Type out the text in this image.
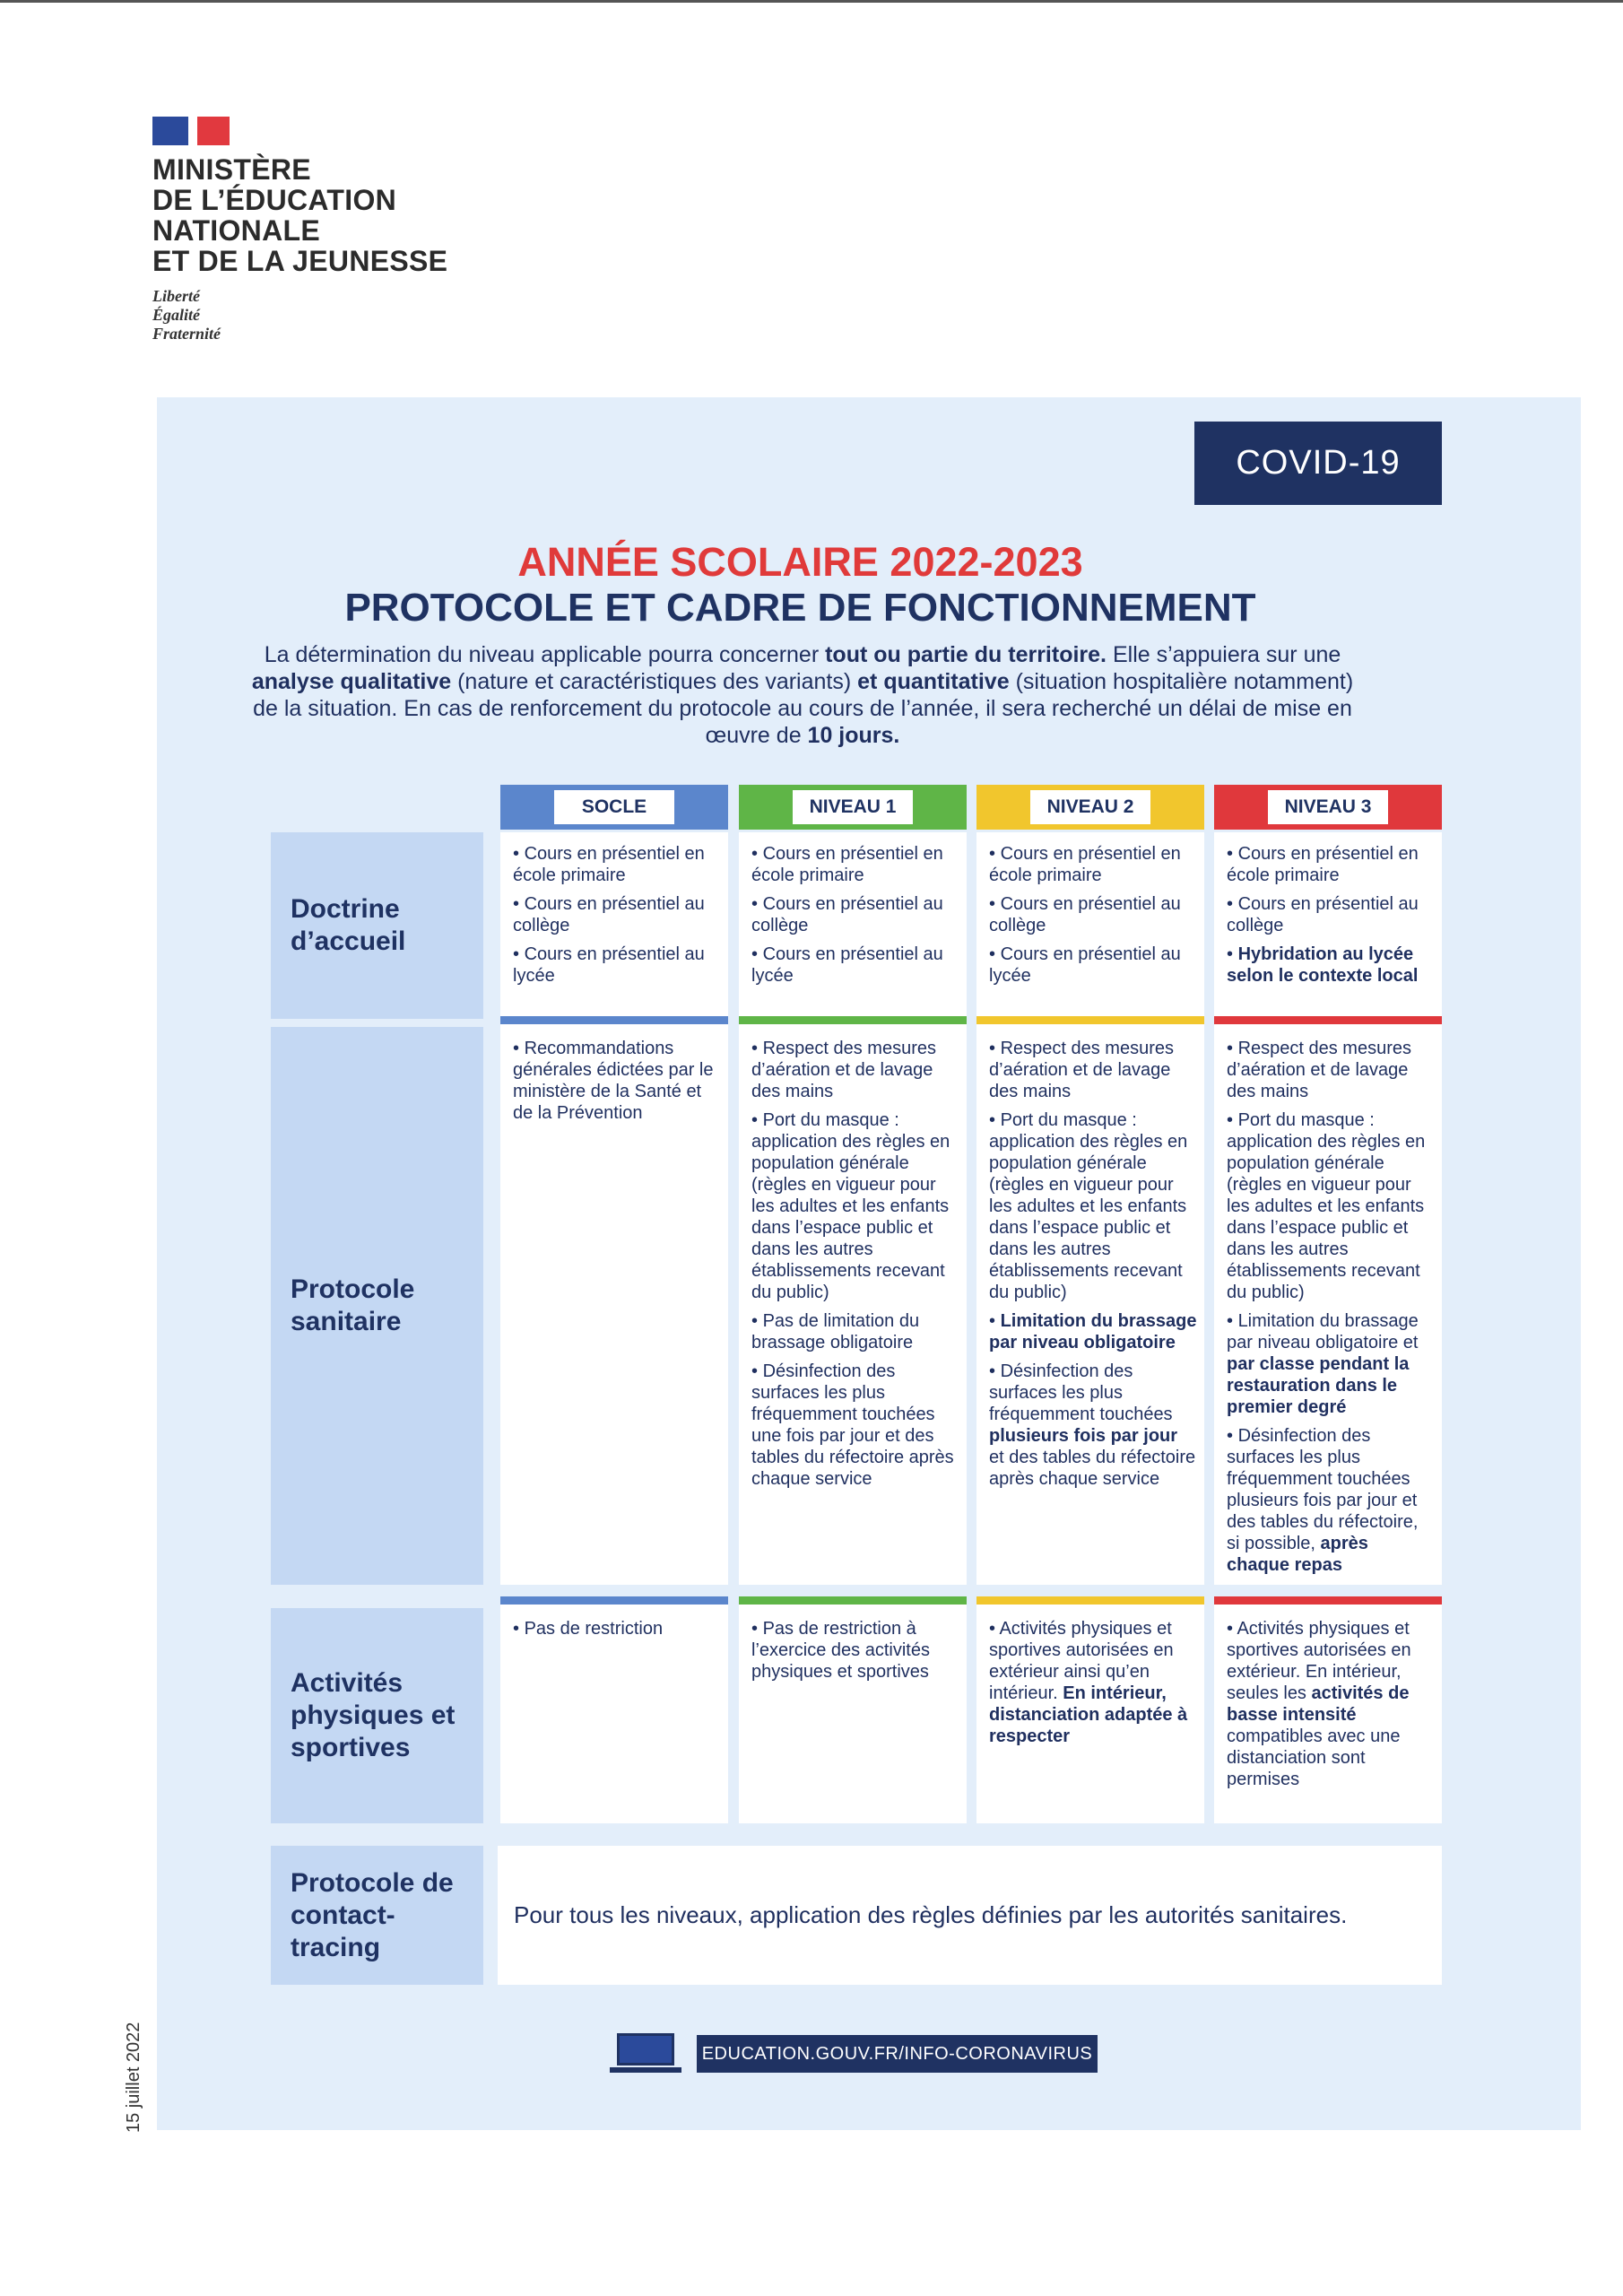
MINISTÈRE
DE L’ÉDUCATION
NATIONALE
ET DE LA JEUNESSE
Liberté
Égalité
Fraternité
COVID-19
ANNÉE SCOLAIRE 2022-2023
PROTOCOLE ET CADRE DE FONCTIONNEMENT
La détermination du niveau applicable pourra concerner tout ou partie du territoire. Elle s’appuiera sur une analyse qualitative (nature et caractéristiques des variants) et quantitative (situation hospitalière notamment) de la situation. En cas de renforcement du protocole au cours de l’année, il sera recherché un délai de mise en œuvre de 10 jours.
SOCLE	NIVEAU 1	NIVEAU 2	NIVEAU 3
Doctrine d’accueil
• Cours en présentiel en école primaire
• Cours en présentiel au collège
• Cours en présentiel au lycée
• Cours en présentiel en école primaire
• Cours en présentiel au collège
• Cours en présentiel au lycée
• Cours en présentiel en école primaire
• Cours en présentiel au collège
• Cours en présentiel au lycée
• Cours en présentiel en école primaire
• Cours en présentiel au collège
• Hybridation au lycée selon le contexte local
Protocole sanitaire
• Recommandations générales édictées par le ministère de la Santé et de la Prévention
• Respect des mesures d’aération et de lavage des mains
• Port du masque : application des règles en population générale (règles en vigueur pour les adultes et les enfants dans l’espace public et dans les autres établissements recevant du public)
• Pas de limitation du brassage obligatoire
• Désinfection des surfaces les plus fréquemment touchées une fois par jour et des tables du réfectoire après chaque service
• Respect des mesures d’aération et de lavage des mains
• Port du masque : application des règles en population générale (règles en vigueur pour les adultes et les enfants dans l’espace public et dans les autres établissements recevant du public)
• Limitation du brassage par niveau obligatoire
• Désinfection des surfaces les plus fréquemment touchées plusieurs fois par jour et des tables du réfectoire après chaque service
• Respect des mesures d’aération et de lavage des mains
• Port du masque : application des règles en population générale (règles en vigueur pour les adultes et les enfants dans l’espace public et dans les autres établissements recevant du public)
• Limitation du brassage par niveau obligatoire et par classe pendant la restauration dans le premier degré
• Désinfection des surfaces les plus fréquemment touchées plusieurs fois par jour et des tables du réfectoire, si possible, après chaque repas
Activités physiques et sportives
• Pas de restriction
•	Pas de restriction à l’exercice des activités physiques et sportives
• Activités physiques et sportives autorisées en extérieur ainsi qu’en intérieur. En intérieur, distanciation adaptée à respecter
• Activités physiques et sportives autorisées en extérieur. En intérieur, seules les activités de basse intensité compatibles avec une distanciation sont permises
Protocole de contact-tracing
Pour tous les niveaux, application des règles définies par les autorités sanitaires.
EDUCATION.GOUV.FR/INFO-CORONAVIRUS
15 juillet 2022
